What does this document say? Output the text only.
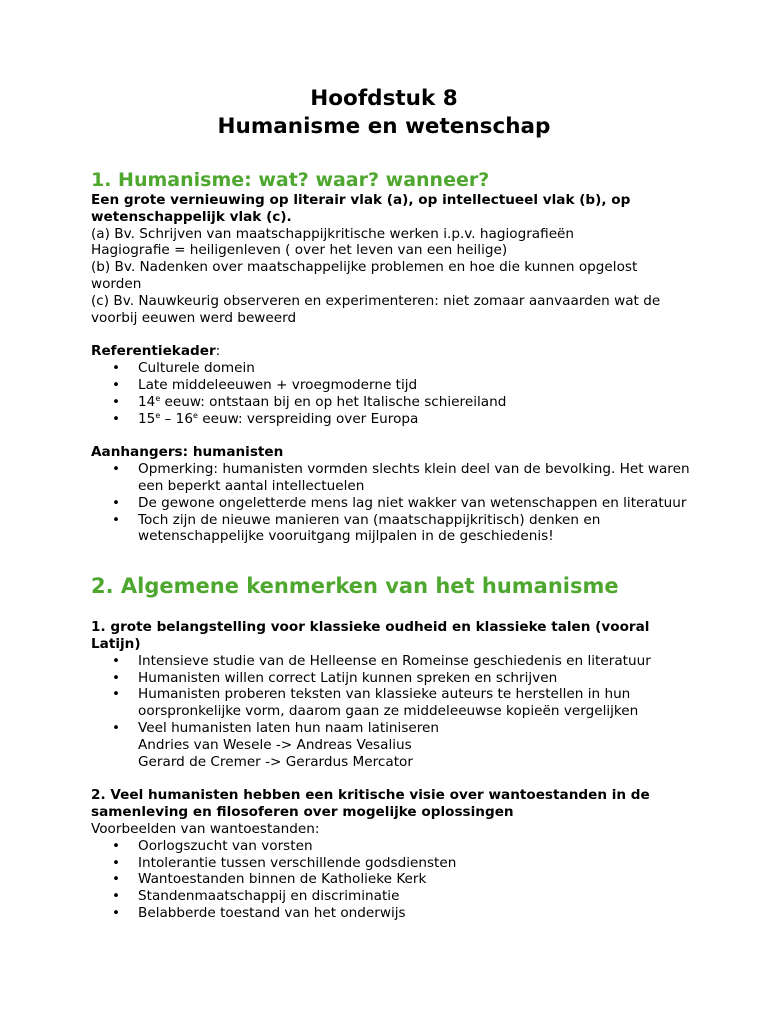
Hoofdstuk 8

Humanisme en wetenschap

1. Humanisme: wat? waar? wanneer?

Een grote vernieuwing op literair vlak (a), op intellectueel vlak (b), op wetenschappelijk vlak (c).

(a) Bv. Schrijven van maatschappijkritische werken i.p.v. hagiografieën

Hagiografie = heiligenleven ( over het leven van een heilige)

(b) Bv. Nadenken over maatschappelijke problemen en hoe die kunnen opgelost worden

(c) Bv. Nauwkeurig observeren en experimenteren: niet zomaar aanvaarden wat de voorbij eeuwen werd beweerd

Referentiekader:

• Culturele domein
• Late middeleeuwen + vroegmoderne tijd
• 14e eeuw: ontstaan bij en op het Italische schiereiland
• 15e – 16e eeuw: verspreiding over Europa

Aanhangers: humanisten

• Opmerking: humanisten vormden slechts klein deel van de bevolking. Het waren een beperkt aantal intellectuelen
• De gewone ongeletterde mens lag niet wakker van wetenschappen en literatuur
• Toch zijn de nieuwe manieren van (maatschappijkritisch) denken en wetenschappelijke vooruitgang mijlpalen in de geschiedenis!
2. Algemene kenmerken van het humanisme

1. grote belangstelling voor klassieke oudheid en klassieke talen (vooral Latijn)

• Intensieve studie van de Helleense en Romeinse geschiedenis en literatuur
• Humanisten willen correct Latijn kunnen spreken en schrijven
• Humanisten proberen teksten van klassieke auteurs te herstellen in hun oorspronkelijke vorm, daarom gaan ze middeleeuwse kopieën vergelijken
• Veel humanisten laten hun naam latiniseren
Andries van Wesele -> Andreas Vesalius
Gerard de Cremer -> Gerardus Mercator

2. Veel humanisten hebben een kritische visie over wantoestanden in de samenleving en filosoferen over mogelijke oplossingen

Voorbeelden van wantoestanden:

• Oorlogszucht van vorsten
• Intolerantie tussen verschillende godsdiensten
• Wantoestanden binnen de Katholieke Kerk
• Standenmaatschappij en discriminatie
• Belabberde toestand van het onderwijs
